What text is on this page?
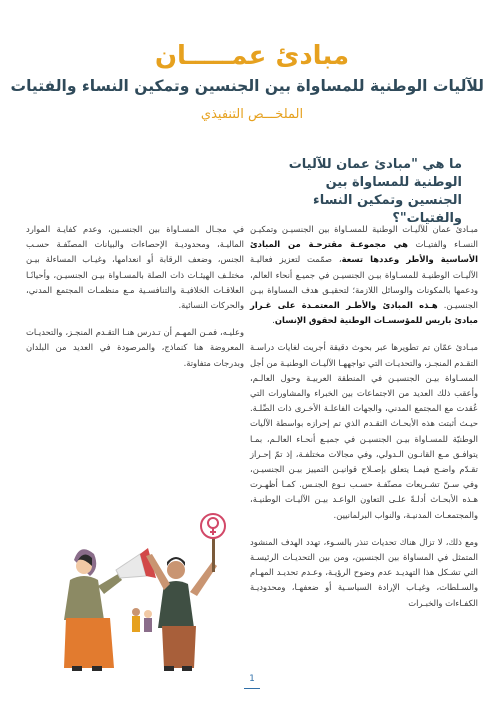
مبادئ عمـــــان
للآليات الوطنية للمساواة بين الجنسين وتمكين النساء والفتيات
الملخـــص التنفيذي
ما هي "مبادئ عمان للآليات الوطنية للمساواة بين الجنسين وتمكين النساء والفتيات"؟

مبـادئ عمان للآليـات الوطنية للمسـاواة بين الجنسيـن وتمكيـن النسـاء والفتيـات هي مجموعـة مقترحـة من المبادئ الأساسية والأطر وعددها تسعة، صمّمت لتعزيز فعاليـة الآليـات الوطنيـة للمسـاواة بيـن الجنسيـن في جميـع أنحاء العالم، ودعمها بالمكونات والوسائل اللازمة؛ لتحقيـق هدف المساواة بيـن الجنسيـن. هـذه المبادئ والأطـر المعتمـدة على غـرار مبادئ باريس للمؤسسـات الوطنية لحقوق الإنسان.

مبـادئ عمّان تم تطويرها عبر بحوث دقيقة أجريت لغايات دراسـة التقـدم المنجـز، والتحديـات التي تواجههـا الآليـات الوطنيـة من أجل المسـاواة بيـن الجنسيـن في المنطقة العربيـة وحول العالـم، وأعقب ذلك العديد من الاجتماعات بين الخبراء والمشاورات التي عُقدت مع المجتمع المدني، والجهات الفاعلـة الأخـرى ذات الصِّلـة. حيـث أثبتت هذه الأبحـاث التقـدم الذي تم إحرازه بواسطة الآليات الوطنيّة للمسـاواة بيـن الجنسيـن في جميـع أنحـاء العالـم، بمـا يتوافـق مـع القانـون الـدولي، وفي مجالات مختلفـة، إذ تمّ إحـراز تقـدّم واضـح فيمـا يتعلق بإصـلاح قوانيـن التمييز بيـن الجنسيـن، وفي سـنّ تشـريعات مصنّفـة حسـب نـوع الجنـس. كمـا أظهـرت هـذه الأبحـاث أدلـةً علـى التعاون الواعـد بيـن الآليـات الوطنيـة، والمجتمعـات المدنيـة، والنواب البرلمانيين.

ومع ذلك، لا تزال هناك تحديات تنذر بالسـوء، تهدد الهدف المنشود المتمثل في المساواة بين الجنسين، ومن بين التحديـات الرئيسـة التي تشـكل هذا التهديـد عدم وضوح الرؤيـة، وعـدم تحديـد المهـام والسـلطات، وغيـاب الإرادة السياسـية أو ضعفهـا، ومحدوديـة الكفـاءات والخبـرات

في مجـال المسـاواة بين الجنسـين، وعدم كفايـة الموارد الماليـة، ومحدوديـة الإحصاءات والبيانات المصنّفـة حسـب الجنس، وضعف الرقابة أو انعدامها، وغيـاب المساءلة بيـن مختلـف الهيئـات ذات الصلة بالمسـاواة بيـن الجنسيـن، وأحيانًـا العلاقـات الخلافيـة والتنافسـية مـع منظمـات المجتمع المدني، والحركات النسائية.

وعليـه، فمـن المهـم أن تـدرس هنـا التقـدم المنجـز، والتحديـات المعروضة هنا كنماذج، والمرصودة في العديد من البلدان وبدرجات متفاوتة.

1
